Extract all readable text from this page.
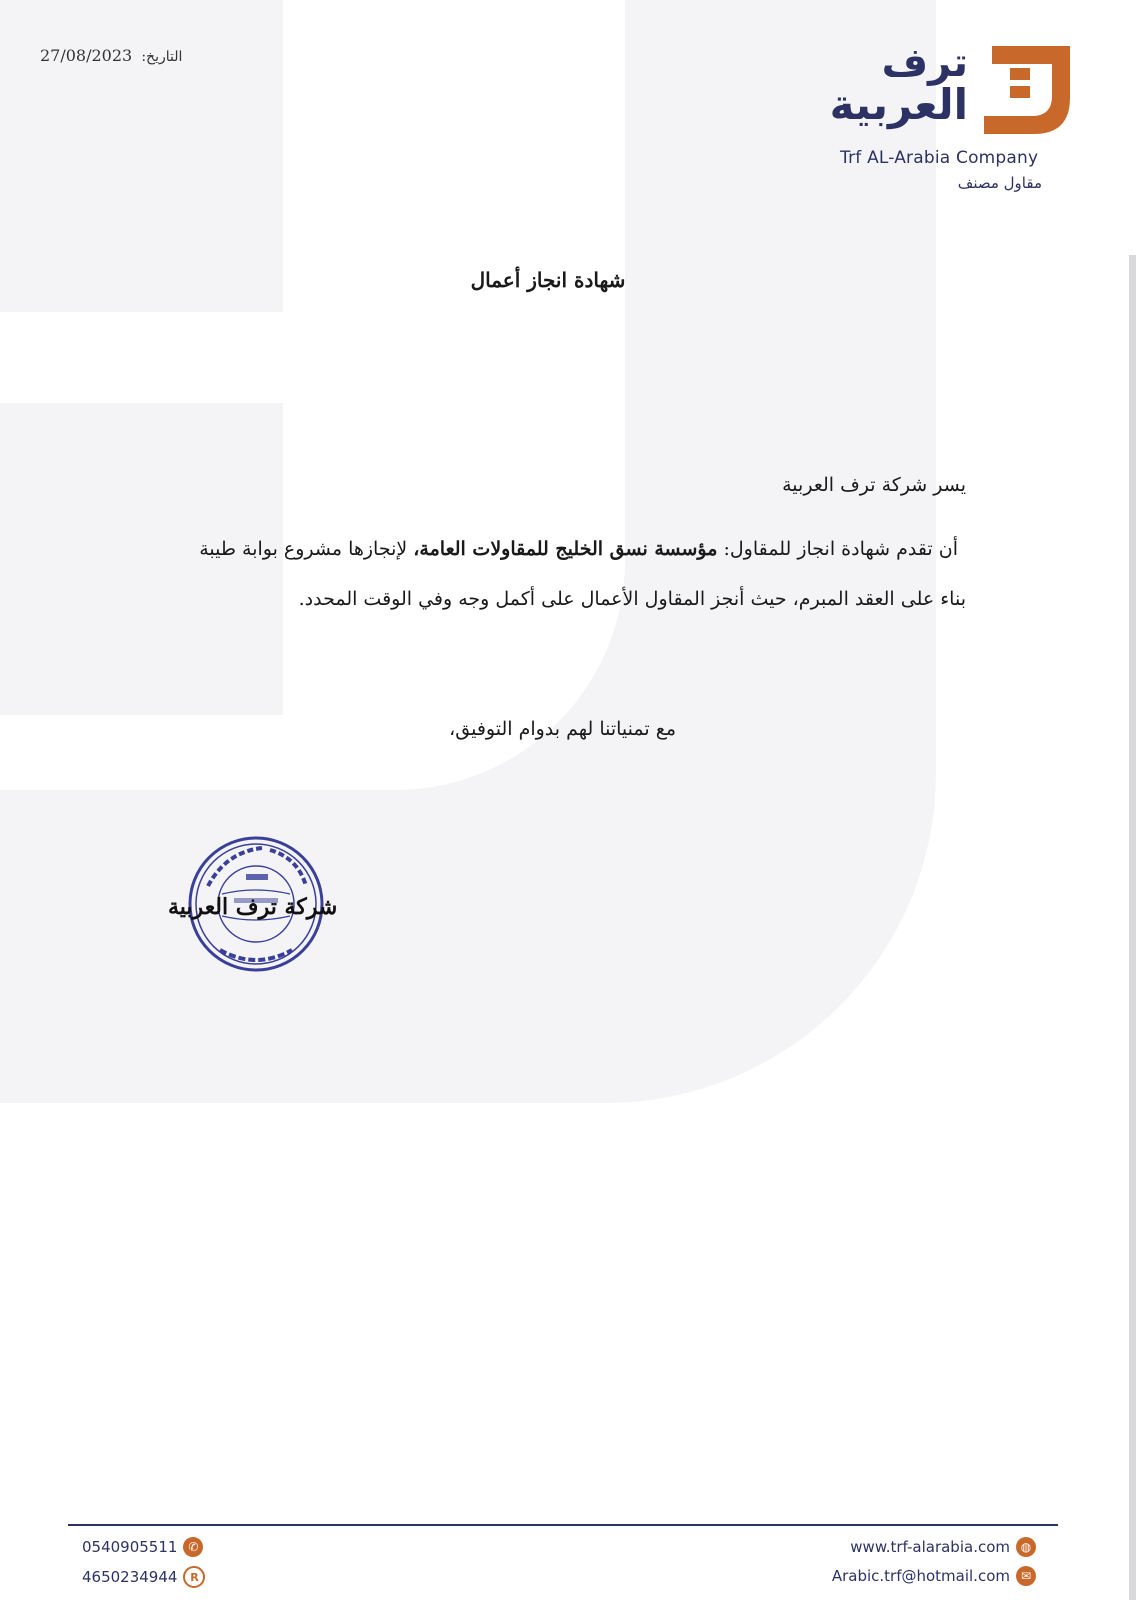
التاريخ: 27/08/2023	ترف
العربية
Trf AL-Arabia Company
مقاول مصنف
شهادة انجاز أعمال
يسر شركة ترف العربية
أن تقدم شهادة انجاز للمقاول: مؤسسة نسق الخليج للمقاولات العامة، لإنجازها مشروع بوابة طيبة
بناء على العقد المبرم، حيث أنجز المقاول الأعمال على أكمل وجه وفي الوقت المحدد.
مع تمنياتنا لهم بدوام التوفيق،
شركة ترف العربية
0540905511 ✆
4650234944	R
www.trf-alarabia.com ◍
Arabic.trf@hotmail.com ✉
